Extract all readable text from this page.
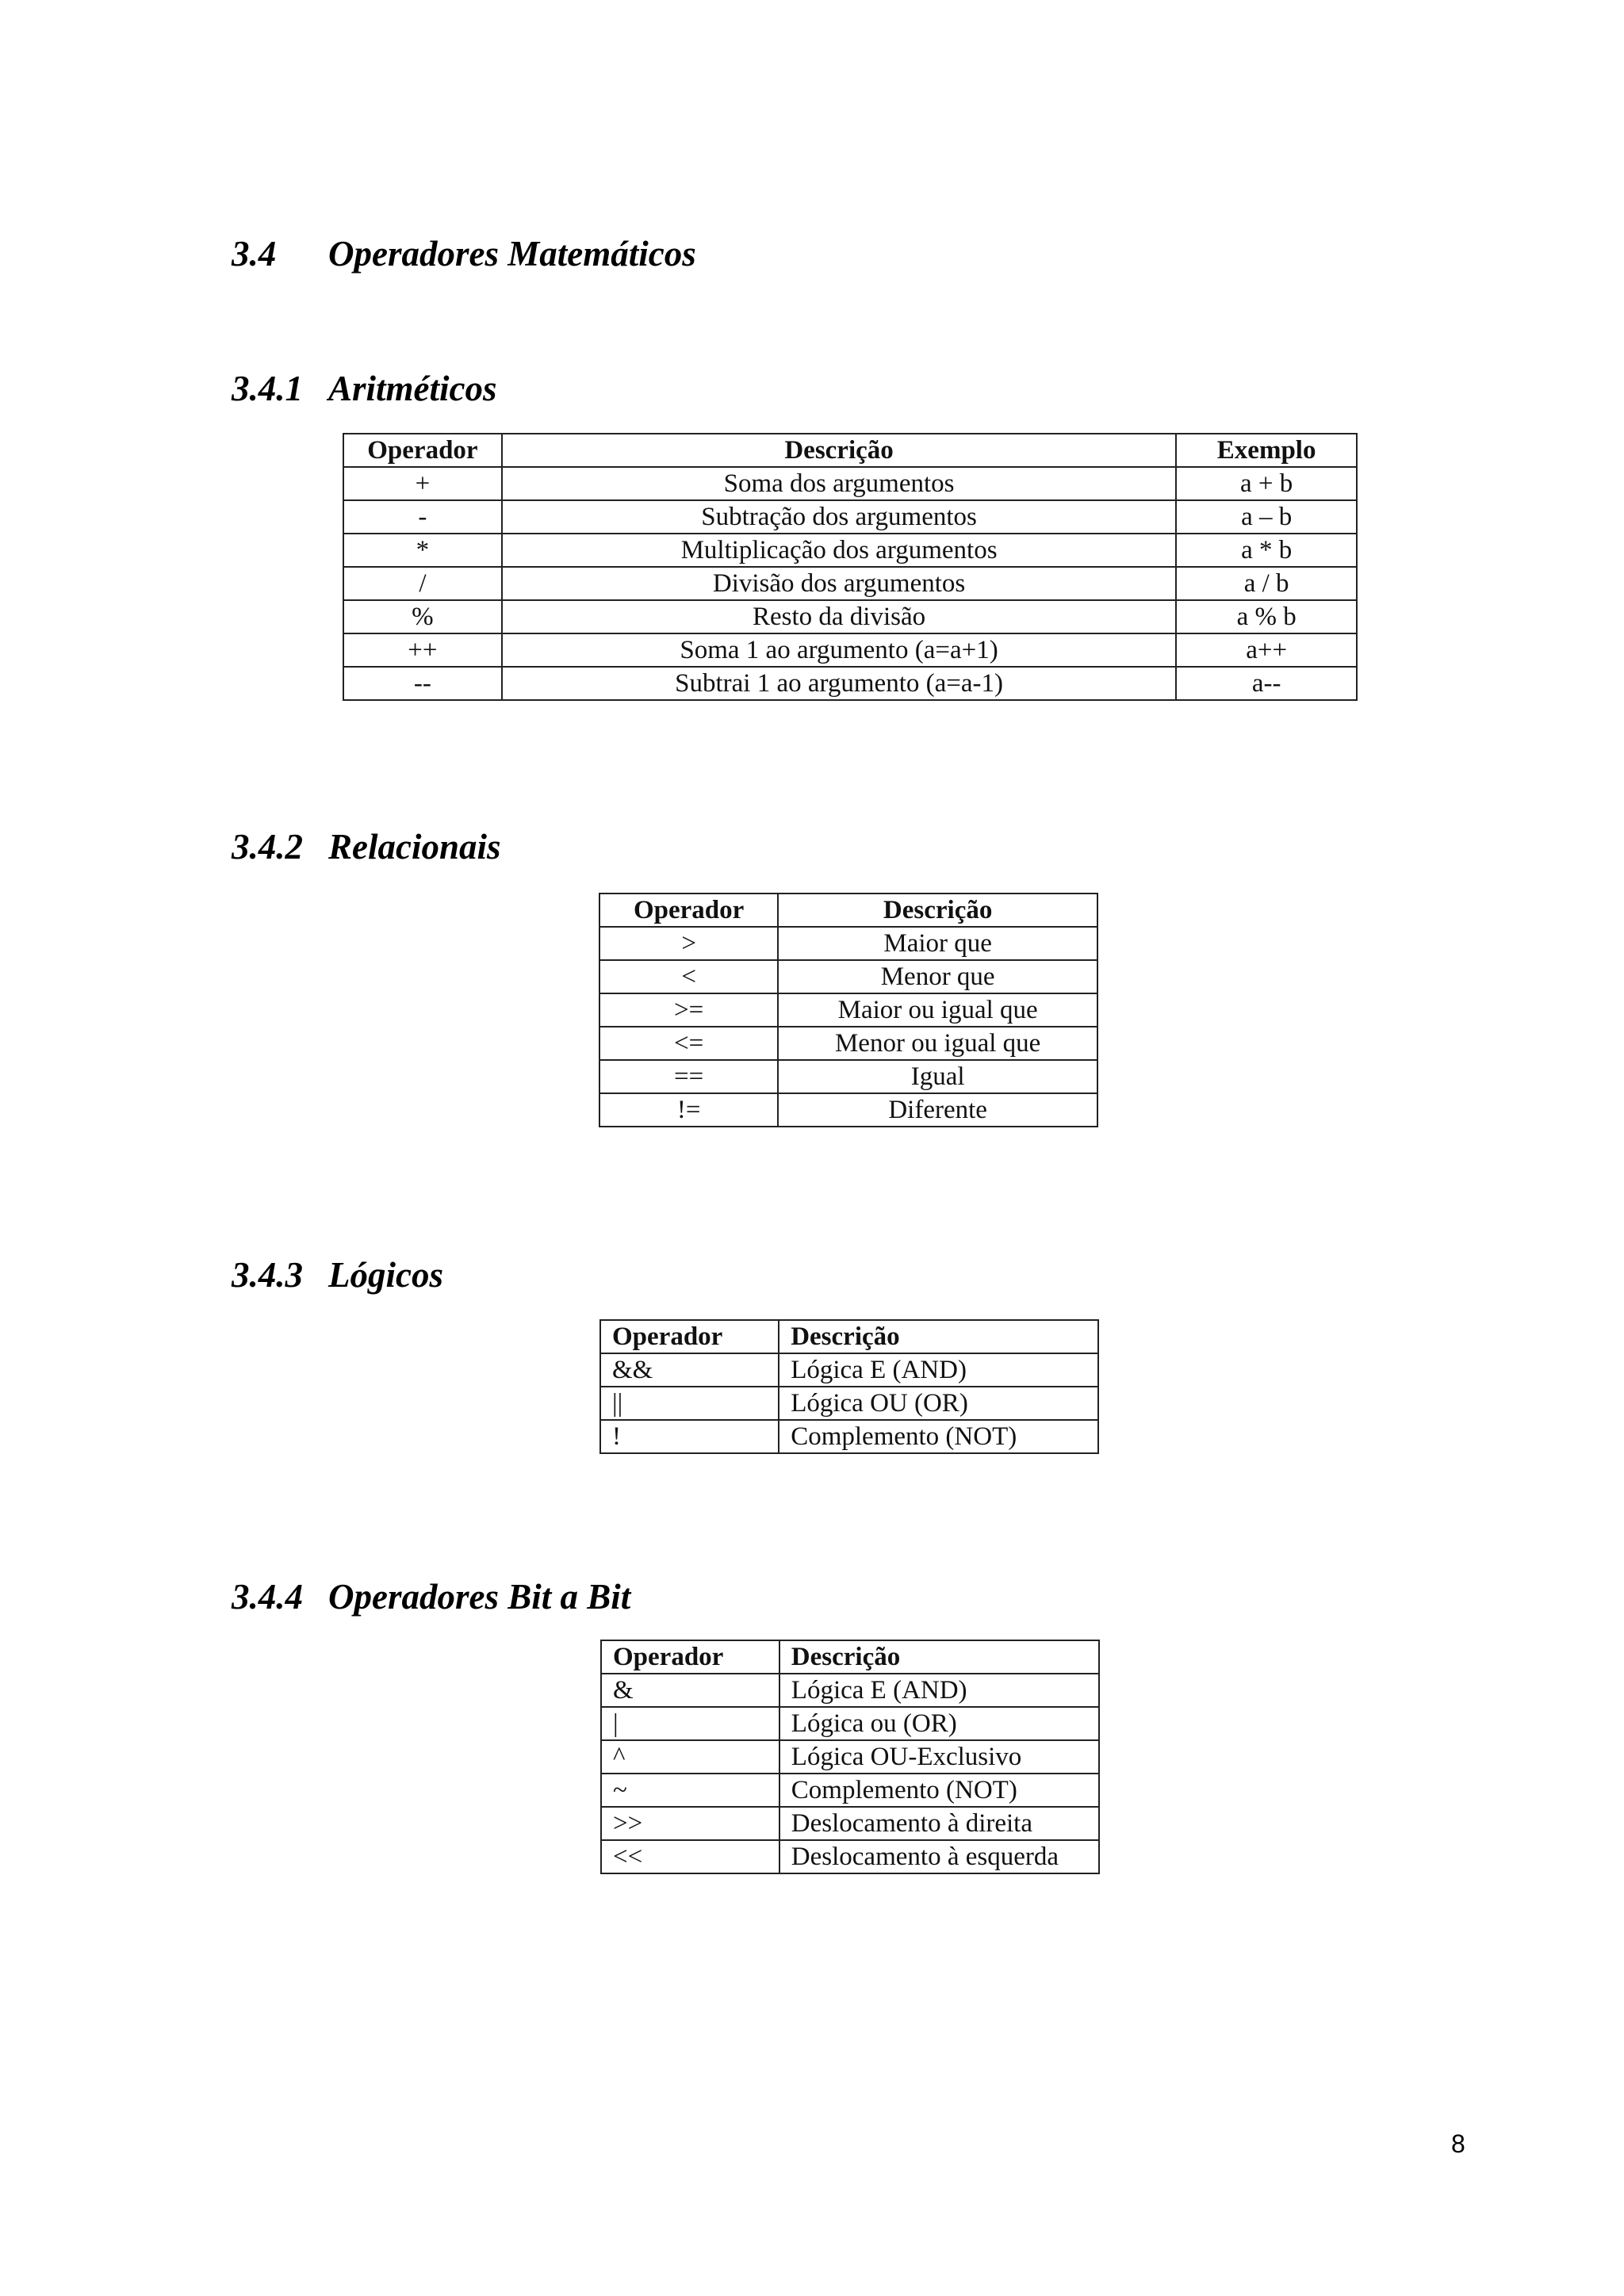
3.4 Operadores Matemáticos
3.4.1 Aritméticos
Operador	Descrição	Exemplo
+	Soma dos argumentos	a + b
-	Subtração dos argumentos	a – b
*	Multiplicação dos argumentos	a * b
/	Divisão dos argumentos	a / b
%	Resto da divisão	a % b
++	Soma 1 ao argumento (a=a+1)	a++
--	Subtrai 1 ao argumento (a=a-1)	a--
3.4.2 Relacionais
Operador	Descrição
>	Maior que
<	Menor que
>=	Maior ou igual que
<=	Menor ou igual que
==	Igual
!=	Diferente
3.4.3 Lógicos
Operador	Descrição
&&	Lógica E (AND)
||	Lógica OU (OR)
!	Complemento (NOT)
3.4.4 Operadores Bit a Bit
Operador	Descrição
&	Lógica E (AND)
|	Lógica ou (OR)
^	Lógica OU-Exclusivo
~	Complemento (NOT)
>>	Deslocamento à direita
<<	Deslocamento à esquerda
8
